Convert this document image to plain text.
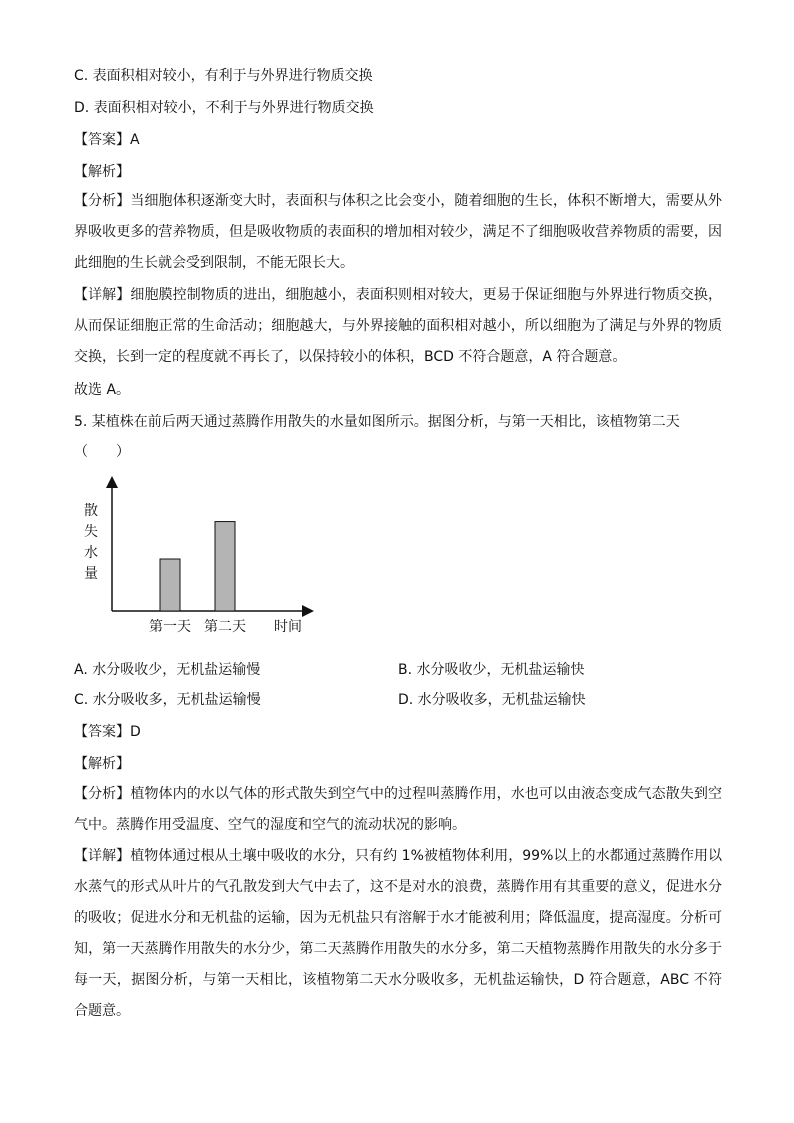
C. 表面积相对较小，有利于与外界进行物质交换
D. 表面积相对较小，不利于与外界进行物质交换
【答案】A
【解析】
【分析】当细胞体积逐渐变大时，表面积与体积之比会变小，随着细胞的生长，体积不断增大，需要从外界吸收更多的营养物质，但是吸收物质的表面积的增加相对较少，满足不了细胞吸收营养物质的需要，因此细胞的生长就会受到限制，不能无限长大。
【详解】细胞膜控制物质的进出，细胞越小，表面积则相对较大，更易于保证细胞与外界进行物质交换，从而保证细胞正常的生命活动；细胞越大，与外界接触的面积相对越小，所以细胞为了满足与外界的物质交换，长到一定的程度就不再长了，以保持较小的体积，BCD 不符合题意，A 符合题意。
故选 A。
5. 某植株在前后两天通过蒸腾作用散失的水量如图所示。据图分析，与第一天相比，该植物第二天
（　　）
散
失
水
量
第一天 第二天 时间
A. 水分吸收少，无机盐运输慢	B. 水分吸收少，无机盐运输快
C. 水分吸收多，无机盐运输慢	D. 水分吸收多，无机盐运输快
【答案】D
【解析】
【分析】植物体内的水以气体的形式散失到空气中的过程叫蒸腾作用，水也可以由液态变成气态散失到空气中。蒸腾作用受温度、空气的湿度和空气的流动状况的影响。
【详解】植物体通过根从土壤中吸收的水分，只有约 1%被植物体利用，99%以上的水都通过蒸腾作用以水蒸气的形式从叶片的气孔散发到大气中去了，这不是对水的浪费，蒸腾作用有其重要的意义，促进水分的吸收；促进水分和无机盐的运输，因为无机盐只有溶解于水才能被利用；降低温度，提高湿度。分析可知，第一天蒸腾作用散失的水分少，第二天蒸腾作用散失的水分多，第二天植物蒸腾作用散失的水分多于每一天，据图分析，与第一天相比，该植物第二天水分吸收多，无机盐运输快，D 符合题意，ABC 不符合题意。
